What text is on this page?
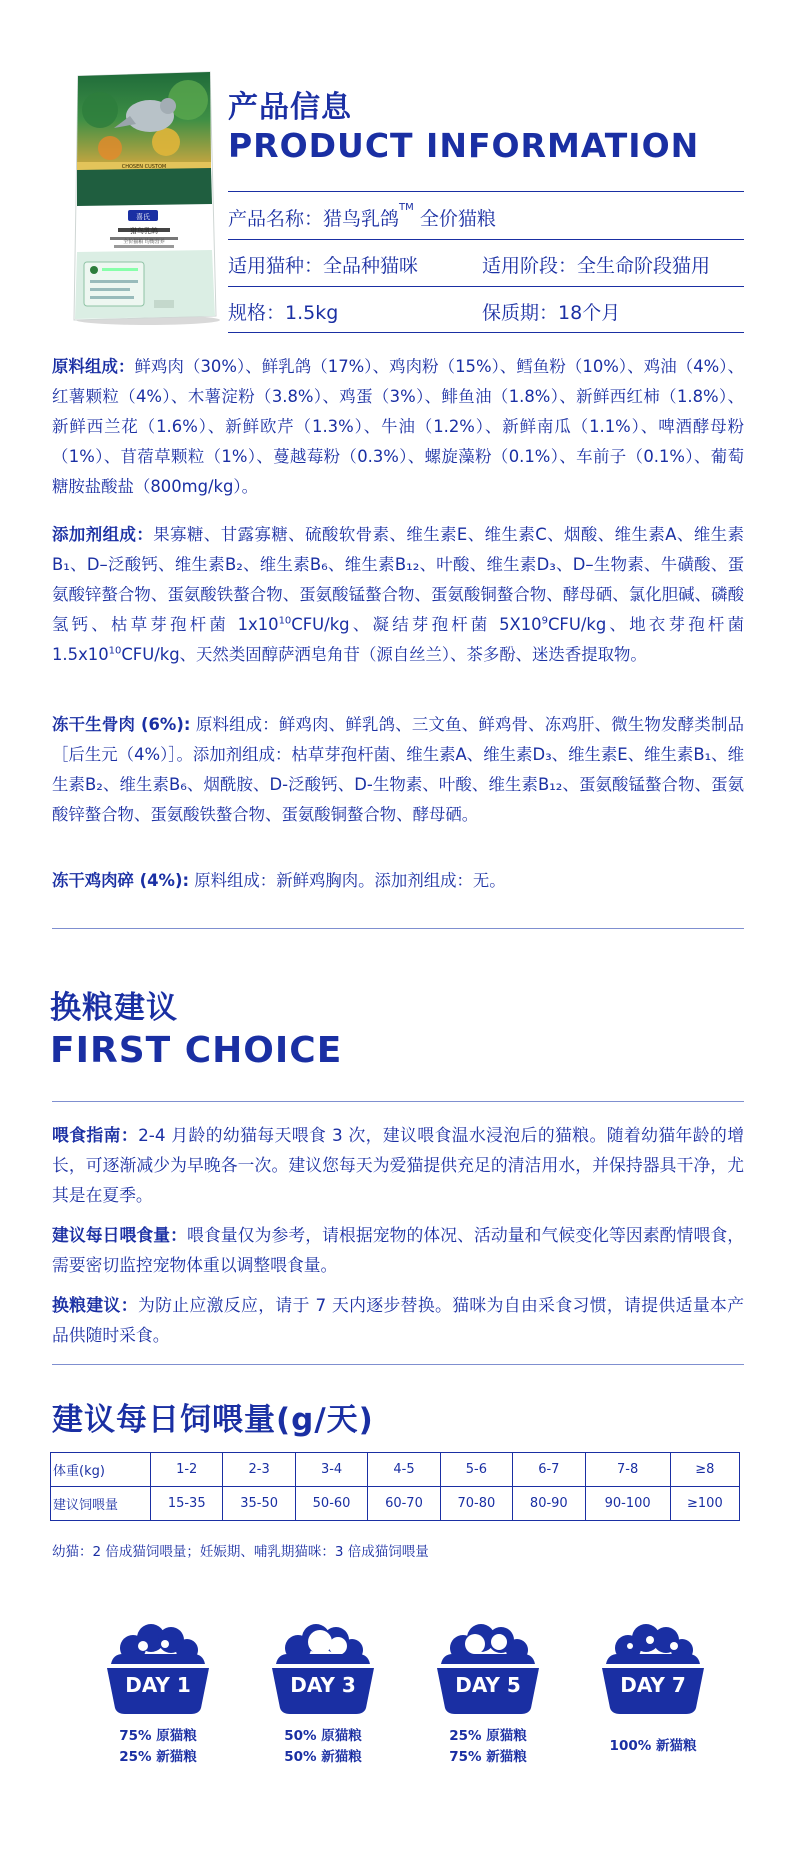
喜氏
猎鸟乳鸽
全价猫粮 均衡营养
CHOSEN CUSTOM
产品信息
PRODUCT INFORMATION
产品名称：猎鸟乳鸽™ 全价猫粮
适用猫种：全品种猫咪	适用阶段：全生命阶段猫用
规格：1.5kg	保质期：18个月
原料组成：鲜鸡肉（30%）、鲜乳鸽（17%）、鸡肉粉（15%）、鳕鱼粉（10%）、鸡油（4%）、红薯颗粒（4%）、木薯淀粉（3.8%）、鸡蛋（3%）、鲱鱼油（1.8%）、新鲜西红柿（1.8%）、新鲜西兰花（1.6%）、新鲜欧芹（1.3%）、牛油（1.2%）、新鲜南瓜（1.1%）、啤酒酵母粉（1%）、苜蓿草颗粒（1%）、蔓越莓粉（0.3%）、螺旋藻粉（0.1%）、车前子（0.1%）、葡萄糖胺盐酸盐（800mg/kg）。
添加剂组成：果寡糖、甘露寡糖、硫酸软骨素、维生素E、维生素C、烟酸、维生素A、维生素B₁、D–泛酸钙、维生素B₂、维生素B₆、维生素B₁₂、叶酸、维生素D₃、D–生物素、牛磺酸、蛋氨酸锌螯合物、蛋氨酸铁螯合物、蛋氨酸锰螯合物、蛋氨酸铜螯合物、酵母硒、氯化胆碱、磷酸氢钙、枯草芽孢杆菌 $1x10^{10}CFU/kg$、凝结芽孢杆菌 $5X10^9CFU/kg$、地衣芽孢杆菌 $1.5x10^{10}CFU/kg$、天然类固醇萨洒皂角苷（源自丝兰）、茶多酚、迷迭香提取物。
冻干生骨肉 (6%): 原料组成：鲜鸡肉、鲜乳鸽、三文鱼、鲜鸡骨、冻鸡肝、微生物发酵类制品［后生元（4%）］。添加剂组成：枯草芽孢杆菌、维生素A、维生素D₃、维生素E、维生素B₁、维生素B₂、维生素B₆、烟酰胺、D-泛酸钙、D-生物素、叶酸、维生素B₁₂、蛋氨酸锰螯合物、蛋氨酸锌螯合物、蛋氨酸铁螯合物、蛋氨酸铜螯合物、酵母硒。
冻干鸡肉碎 (4%): 原料组成：新鲜鸡胸肉。添加剂组成：无。
换粮建议
FIRST CHOICE
喂食指南：2-4 月龄的幼猫每天喂食 3 次，建议喂食温水浸泡后的猫粮。随着幼猫年龄的增长，可逐渐减少为早晚各一次。建议您每天为爱猫提供充足的清洁用水，并保持器具干净，尤其是在夏季。
建议每日喂食量：喂食量仅为参考，请根据宠物的体况、活动量和气候变化等因素酌情喂食，需要密切监控宠物体重以调整喂食量。
换粮建议：为防止应激反应，请于 7 天内逐步替换。猫咪为自由采食习惯，请提供适量本产品供随时采食。
建议每日饲喂量(g/天)
体重(kg)	1-2	2-3	3-4	4-5	5-6	6-7	7-8	≥8
建议饲喂量	15-35	35-50	50-60	60-70	70-80	80-90	90-100	≥100
幼猫：2 倍成猫饲喂量；妊娠期、哺乳期猫咪：3 倍成猫饲喂量
DAY 1
75% 原猫粮
25% 新猫粮
DAY 3
50% 原猫粮
50% 新猫粮
DAY 5
25% 原猫粮
75% 新猫粮
DAY 7
100% 新猫粮
